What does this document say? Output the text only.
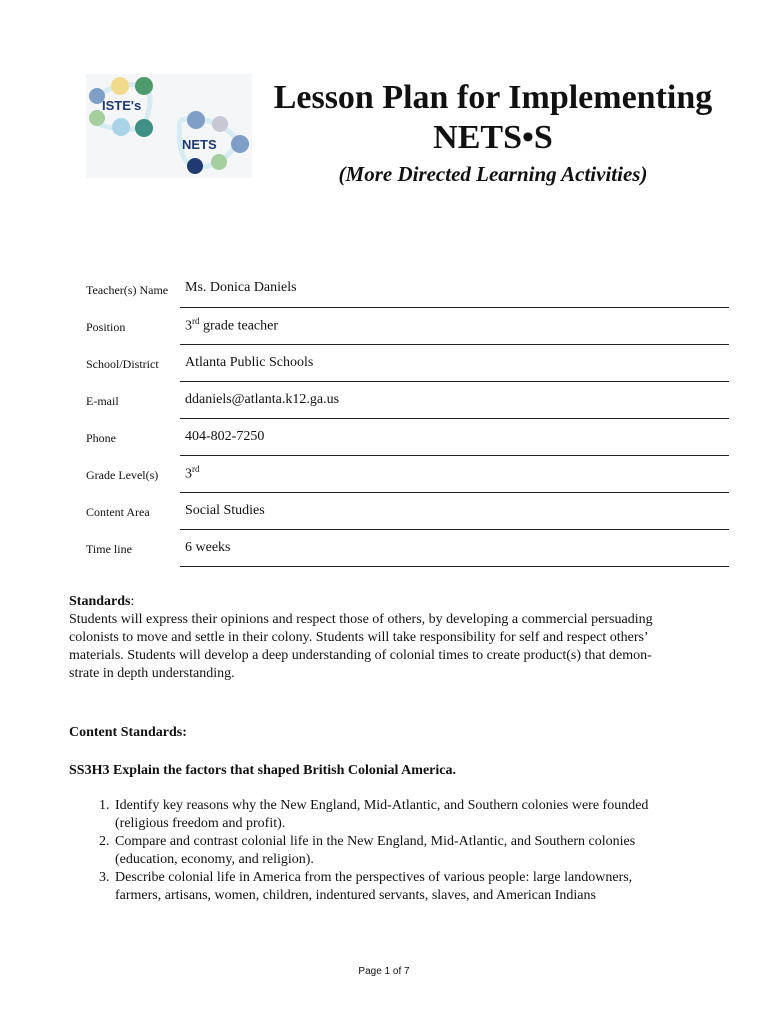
ISTE's
NETS
Lesson Plan for Implementing
NETS•S
(More Directed Learning Activities)
Teacher(s) Name	Ms. Donica Daniels
Position	3rd grade teacher
School/District	Atlanta Public Schools
E-mail	ddaniels@atlanta.k12.ga.us
Phone	404-802-7250
Grade Level(s)	3rd
Content Area	Social Studies
Time line	6 weeks
Standards:
Students will express their opinions and respect those of others, by developing a commercial persuading
colonists to move and settle in their colony. Students will take responsibility for self and respect others’
materials. Students will develop a deep understanding of colonial times to create product(s) that demon-
strate in depth understanding.
Content Standards:
SS3H3 Explain the factors that shaped British Colonial America.
1. Identify key reasons why the New England, Mid-Atlantic, and Southern colonies were founded
(religious freedom and profit).
2. Compare and contrast colonial life in the New England, Mid-Atlantic, and Southern colonies
(education, economy, and religion).
3. Describe colonial life in America from the perspectives of various people: large landowners,
farmers, artisans, women, children, indentured servants, slaves, and American Indians
Page 1 of 7
